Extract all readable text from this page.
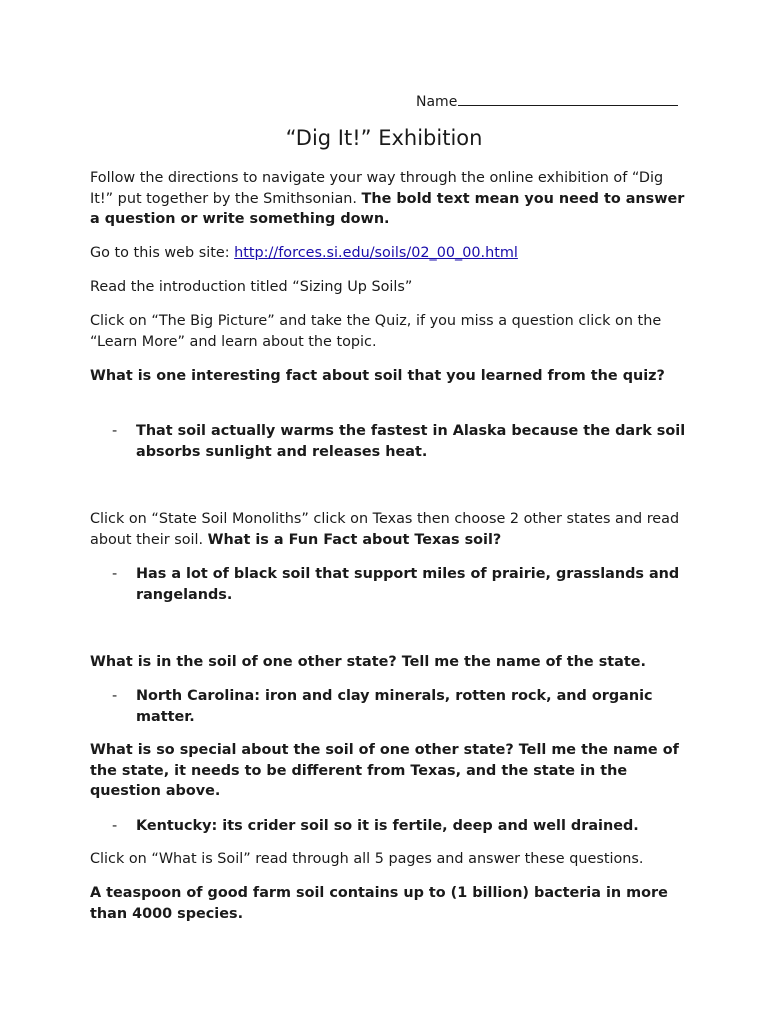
Name
“Dig It!” Exhibition

Follow the directions to navigate your way through the online exhibition of “Dig It!” put together by the Smithsonian. The bold text mean you need to answer a question or write something down.

Go to this web site: http://forces.si.edu/soils/02_00_00.html

Read the introduction titled “Sizing Up Soils”

Click on “The Big Picture” and take the Quiz, if you miss a question click on the “Learn More” and learn about the topic.

What is one interesting fact about soil that you learned from the quiz?

- That soil actually warms the fastest in Alaska because the dark soil absorbs sunlight and releases heat.

Click on “State Soil Monoliths” click on Texas then choose 2 other states and read about their soil. What is a Fun Fact about Texas soil?

- Has a lot of black soil that support miles of prairie, grasslands and rangelands.

What is in the soil of one other state? Tell me the name of the state.

- North Carolina: iron and clay minerals, rotten rock, and organic matter.

What is so special about the soil of one other state? Tell me the name of the state, it needs to be different from Texas, and the state in the question above.

- Kentucky: its crider soil so it is fertile, deep and well drained.

Click on “What is Soil” read through all 5 pages and answer these questions.

A teaspoon of good farm soil contains up to (1 billion) bacteria in more than 4000 species.
